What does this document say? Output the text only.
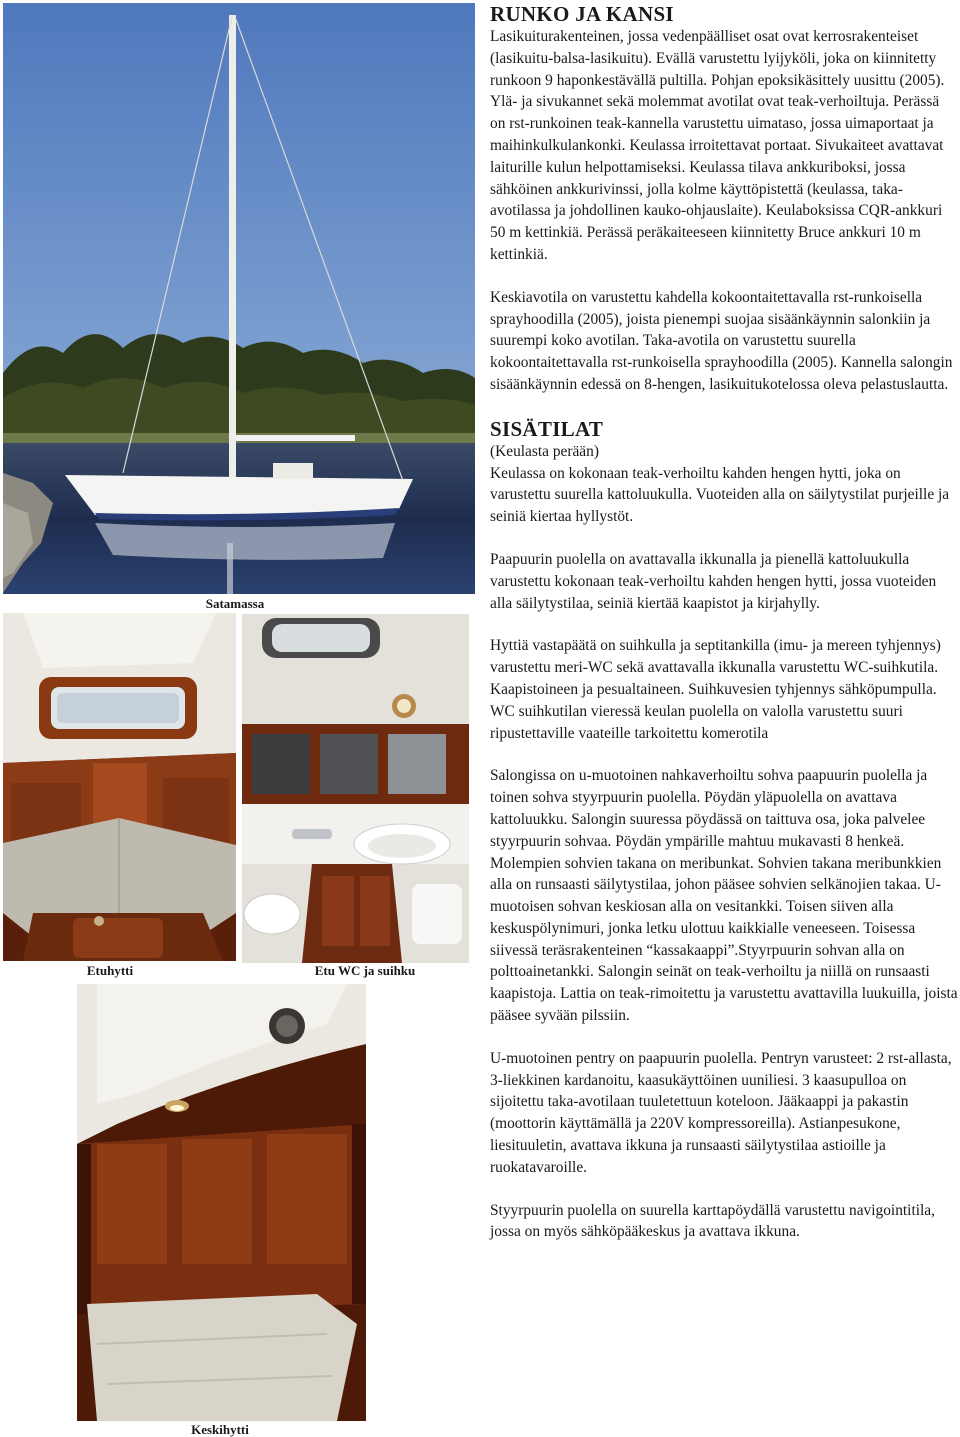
Satamassa
Etuhytti	Etu WC ja suihku
Keskihytti
RUNKO JA KANSI

Lasikuiturakenteinen, jossa vedenpäälliset osat ovat kerrosrakenteiset (lasikuitu-balsa-lasikuitu). Evällä varustettu lyijyköli, joka on kiinnitetty runkoon 9 haponkestävällä pultilla. Pohjan epoksikäsittely uusittu (2005). Ylä- ja sivukannet sekä molemmat avotilat ovat teak-verhoiltuja. Perässä on rst-runkoinen teak-kannella varustettu uimataso, jossa uimaportaat ja maihinkulkulankonki. Keulassa irroitettavat portaat. Sivukaiteet avattavat laiturille kulun helpottamiseksi. Keulassa tilava ankkuriboksi, jossa sähköinen ankkurivinssi, jolla kolme käyttöpistettä (keulassa, taka-avotilassa ja johdollinen kauko-ohjauslaite). Keulaboksissa CQR-ankkuri 50 m kettinkiä. Perässä peräkaiteeseen kiinnitetty Bruce ankkuri 10 m kettinkiä.

Keskiavotila on varustettu kahdella kokoontaitettavalla rst-runkoisella sprayhoodilla (2005), joista pienempi suojaa sisäänkäynnin salonkiin ja suurempi koko avotilan. Taka-avotila on varustettu suurella kokoontaitettavalla rst-runkoisella sprayhoodilla (2005). Kannella salongin sisäänkäynnin edessä on 8-hengen, lasikuitukotelossa oleva pelastuslautta.

SISÄTILAT

(Keulasta perään)

Keulassa on kokonaan teak-verhoiltu kahden hengen hytti, joka on varustettu suurella kattoluukulla. Vuoteiden alla on säilytystilat purjeille ja seiniä kiertaa hyllystöt.

Paapuurin puolella on avattavalla ikkunalla ja pienellä kattoluukulla varustettu kokonaan teak-verhoiltu kahden hengen hytti, jossa vuoteiden alla säilytystilaa, seiniä kiertää kaapistot ja kirjahylly.

Hyttiä vastapäätä on suihkulla ja septitankilla (imu- ja mereen tyhjennys) varustettu meri-WC sekä avattavalla ikkunalla varustettu WC-suihkutila. Kaapistoineen ja pesualtaineen. Suihkuvesien tyhjennys sähköpumpulla. WC suihkutilan vieressä keulan puolella on valolla varustettu suuri ripustettaville vaateille tarkoitettu komerotila

Salongissa on u-muotoinen nahkaverhoiltu sohva paapuurin puolella ja toinen sohva styyrpuurin puolella. Pöydän yläpuolella on avattava kattoluukku. Salongin suuressa pöydässä on taittuva osa, joka palvelee styyrpuurin sohvaa. Pöydän ympärille mahtuu mukavasti 8 henkeä. Molempien sohvien takana on meribunkat. Sohvien takana meribunkkien alla on runsaasti säilytystilaa, johon pääsee sohvien selkänojien takaa. U-muotoisen sohvan keskiosan alla on vesitankki. Toisen siiven alla keskuspölynimuri, jonka letku ulottuu kaikkialle veneeseen. Toisessa siivessä teräsrakenteinen “kassakaappi”.Styyrpuurin sohvan alla on polttoainetankki. Salongin seinät on teak-verhoiltu ja niillä on runsaasti kaapistoja. Lattia on teak-rimoitettu ja varustettu avattavilla luukuilla, joista pääsee syvään pilssiin.

U-muotoinen pentry on paapuurin puolella. Pentryn varusteet: 2 rst-allasta, 3-liekkinen kardanoitu, kaasukäyttöinen uuniliesi. 3 kaasupulloa on sijoitettu taka-avotilaan tuuletettuun koteloon. Jääkaappi ja pakastin (moottorin käyttämällä ja 220V kompressoreilla). Astianpesukone, liesituuletin, avattava ikkuna ja runsaasti säilytystilaa astioille ja ruokatavaroille.

Styyrpuurin puolella on suurella karttapöydällä varustettu navigointitila, jossa on myös sähköpääkeskus ja avattava ikkuna.
